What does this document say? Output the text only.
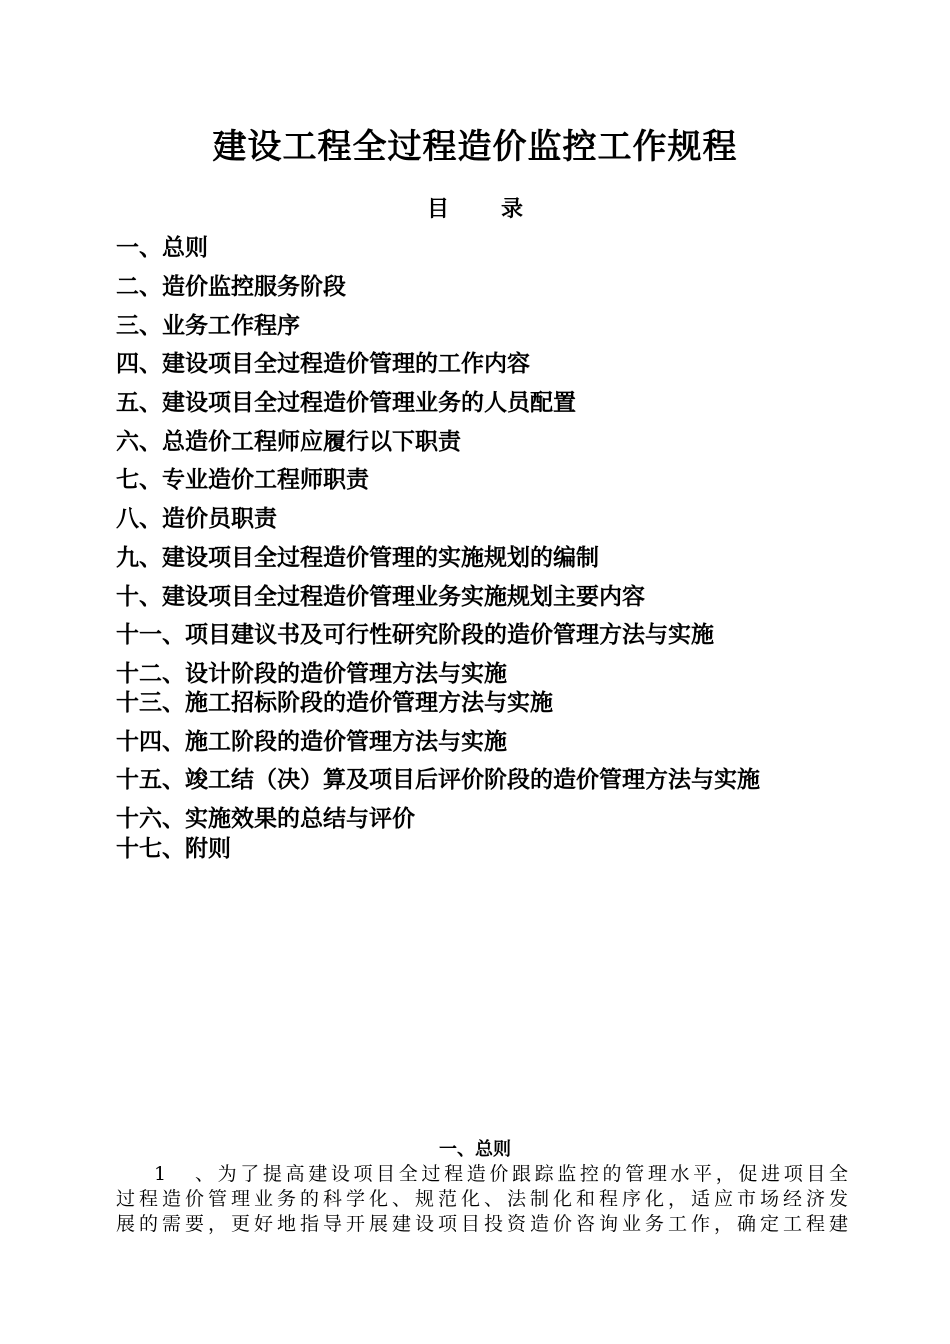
建设工程全过程造价监控工作规程
目 录
一、总则
二、造价监控服务阶段
三、业务工作程序
四、建设项目全过程造价管理的工作内容
五、建设项目全过程造价管理业务的人员配置
六、总造价工程师应履行以下职责
七、专业造价工程师职责
八、造价员职责
九、建设项目全过程造价管理的实施规划的编制
十、建设项目全过程造价管理业务实施规划主要内容
十一、项目建议书及可行性研究阶段的造价管理方法与实施
十二、设计阶段的造价管理方法与实施
十三、施工招标阶段的造价管理方法与实施
十四、施工阶段的造价管理方法与实施
十五、竣工结（决）算及项目后评价阶段的造价管理方法与实施
十六、实施效果的总结与评价
十七、附则
一、总则
1、为了提高建设项目全过程造价跟踪监控的管理水平，促进项目全
过程造价管理业务的科学化、规范化、法制化和程序化，适应市场经济发
展的需要，更好地指导开展建设项目投资造价咨询业务工作，确定工程建
